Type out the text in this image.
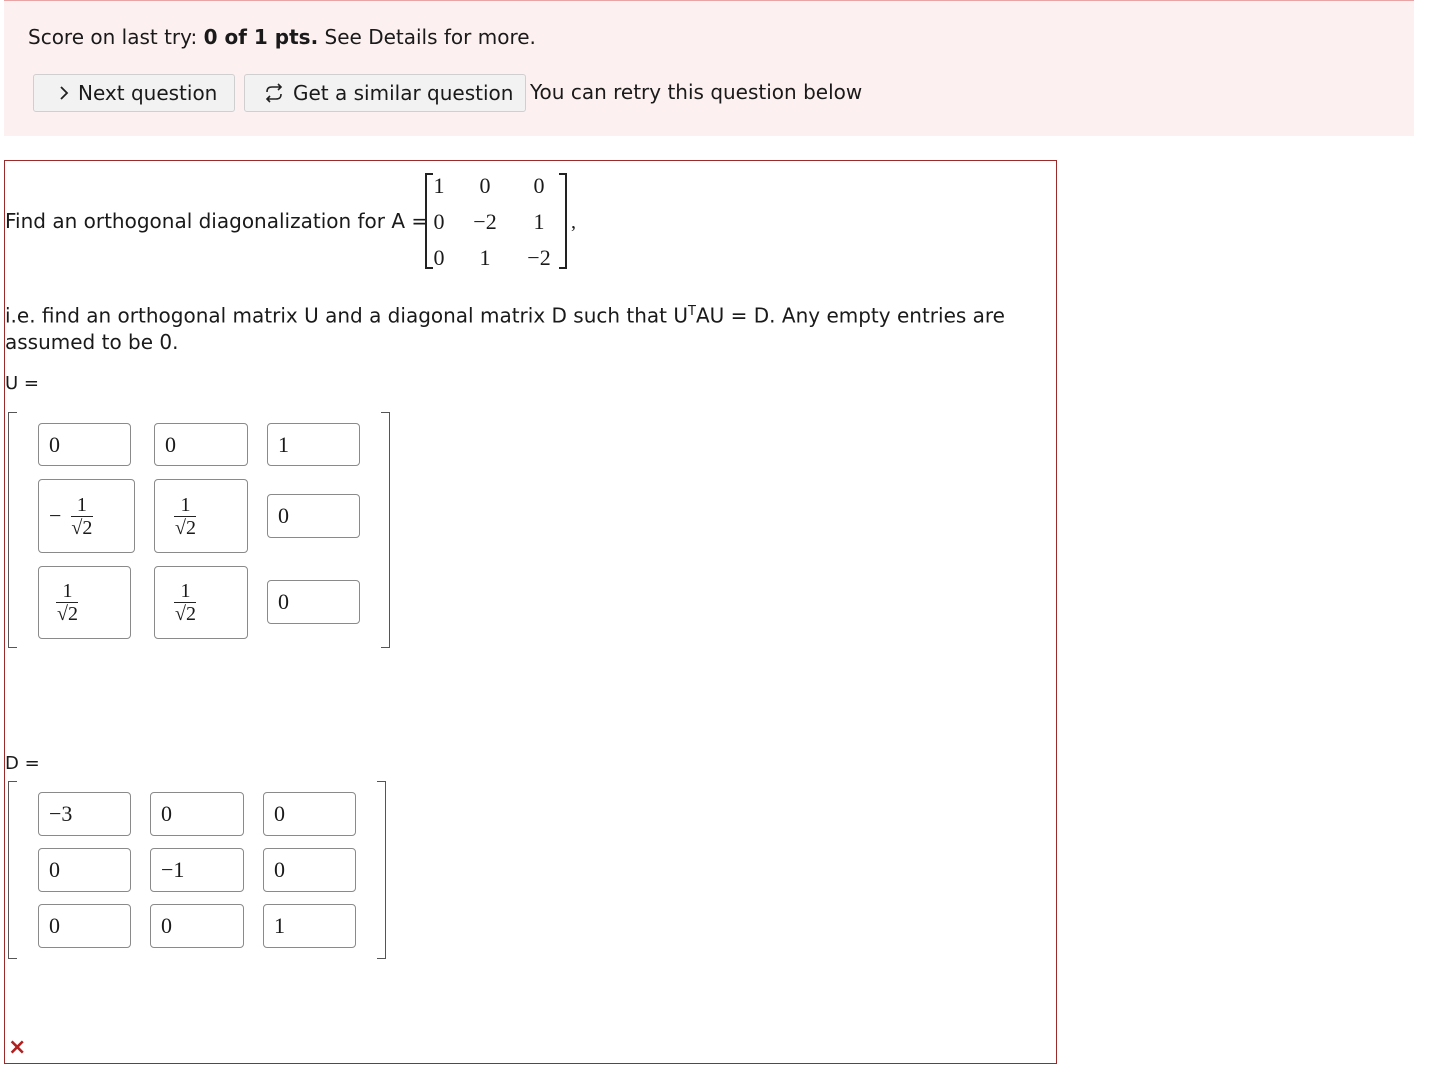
Score on last try: 0 of 1 pts. See Details for more.
Next question	Get a similar question You can retry this question below
Find an orthogonal diagonalization for A =
1	0	0
0	−2	1
0	1	−2
,
i.e. find an orthogonal matrix U and a diagonal matrix D such that $U^TAU = D$. Any empty entries are assumed to be 0.
U =
0	0	1
− $\frac{1}{√2}$	$\frac{1}{√2}$	0
$\frac{1}{√2}$	$\frac{1}{√2}$	0
D =
−3	0	0
0	−1	0
0	0	1
×
